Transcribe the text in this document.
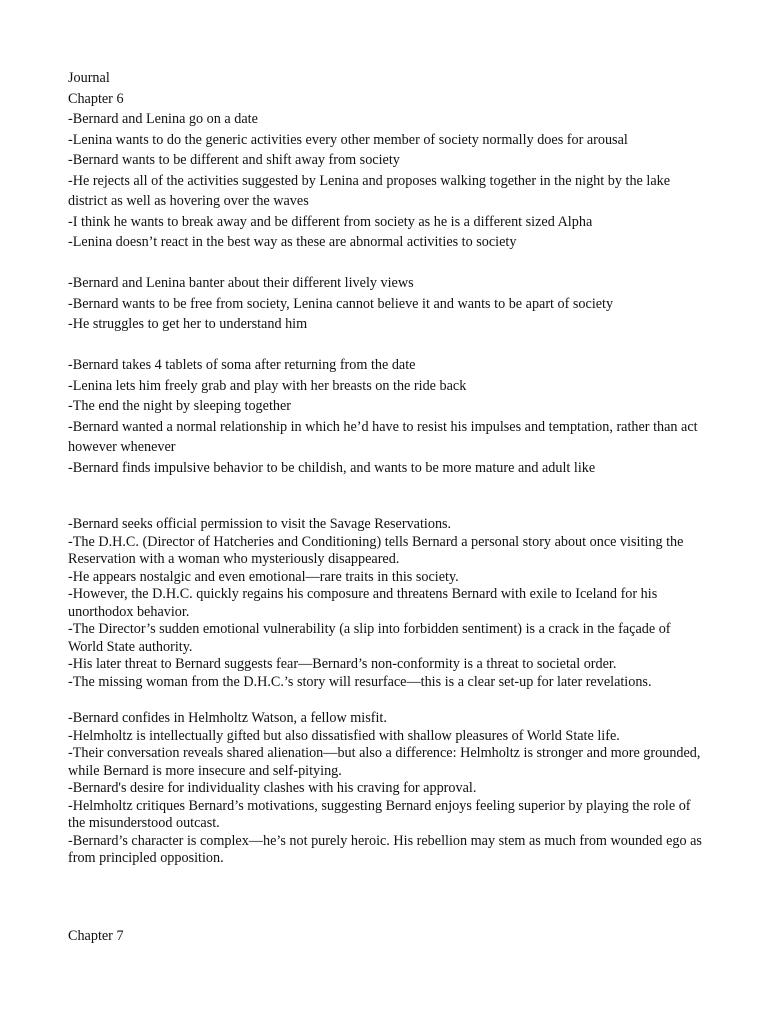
Journal

Chapter 6

-Bernard and Lenina go on a date

-Lenina wants to do the generic activities every other member of society normally does for arousal

-Bernard wants to be different and shift away from society

-He rejects all of the activities suggested by Lenina and proposes walking together in the night by the lake district as well as hovering over the waves

-I think he wants to break away and be different from society as he is a different sized Alpha

-Lenina doesn’t react in the best way as these are abnormal activities to society

-Bernard and Lenina banter about their different lively views

-Bernard wants to be free from society, Lenina cannot believe it and wants to be apart of society

-He struggles to get her to understand him

-Bernard takes 4 tablets of soma after returning from the date

-Lenina lets him freely grab and play with her breasts on the ride back

-The end the night by sleeping together

-Bernard wanted a normal relationship in which he’d have to resist his impulses and temptation, rather than act however whenever

-Bernard finds impulsive behavior to be childish, and wants to be more mature and adult like

-Bernard seeks official permission to visit the Savage Reservations.

-The D.H.C. (Director of Hatcheries and Conditioning) tells Bernard a personal story about once visiting the Reservation with a woman who mysteriously disappeared.

-He appears nostalgic and even emotional—rare traits in this society.

-However, the D.H.C. quickly regains his composure and threatens Bernard with exile to Iceland for his unorthodox behavior.

-The Director’s sudden emotional vulnerability (a slip into forbidden sentiment) is a crack in the façade of World State authority.

-His later threat to Bernard suggests fear—Bernard’s non-conformity is a threat to societal order.

-The missing woman from the D.H.C.’s story will resurface—this is a clear set-up for later revelations.

-Bernard confides in Helmholtz Watson, a fellow misfit.

-Helmholtz is intellectually gifted but also dissatisfied with shallow pleasures of World State life.

-Their conversation reveals shared alienation—but also a difference: Helmholtz is stronger and more grounded, while Bernard is more insecure and self-pitying.

-Bernard's desire for individuality clashes with his craving for approval.

-Helmholtz critiques Bernard’s motivations, suggesting Bernard enjoys feeling superior by playing the role of the misunderstood outcast.

-Bernard’s character is complex—he’s not purely heroic. His rebellion may stem as much from wounded ego as from principled opposition.

Chapter 7
